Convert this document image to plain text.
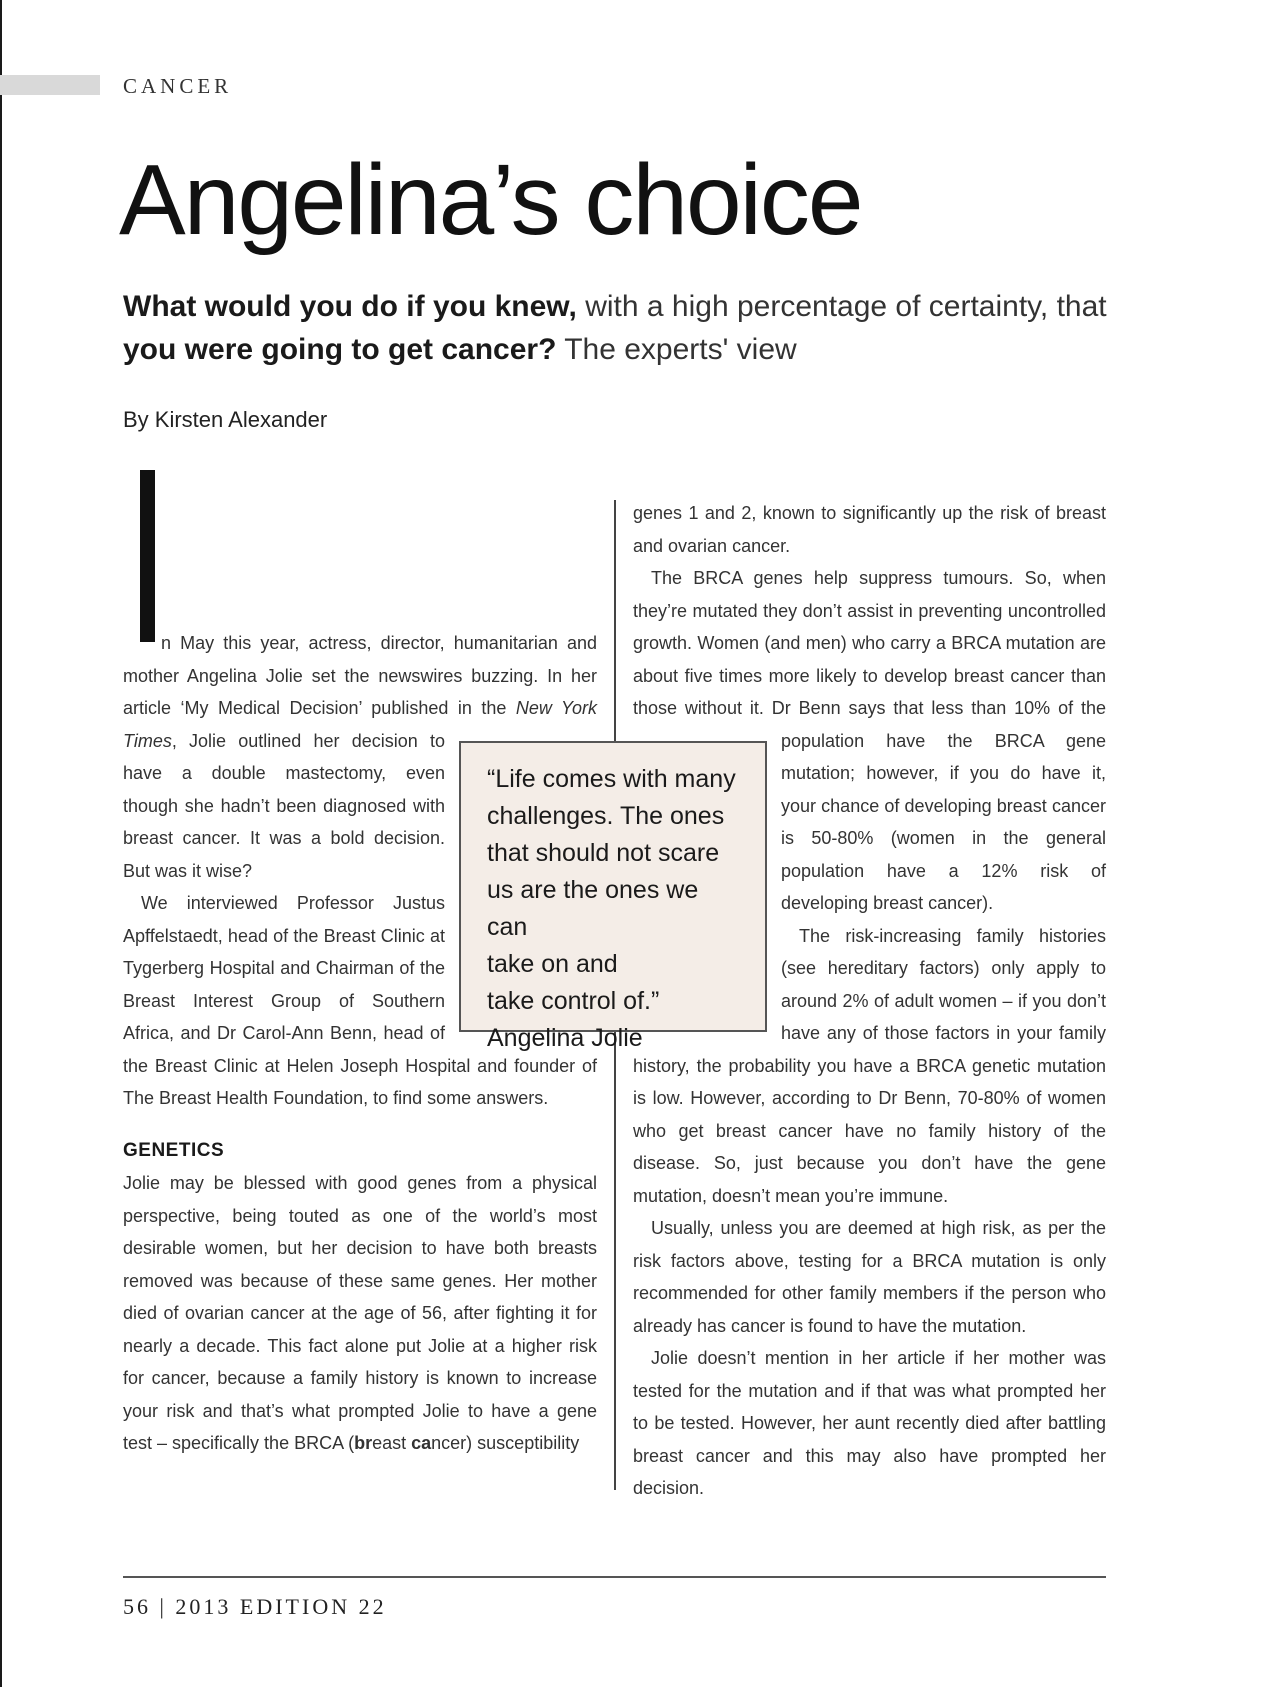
CANCER
Angelina’s choice

What would you do if you knew, with a high percentage of certainty, that you were going to get cancer? The experts' view

By Kirsten Alexander

n May this year, actress, director, humanitarian and mother Angelina Jolie set the newswires buzzing. In her article ‘My Medical Decision’ published in the
New York Times, Jolie outlined her decision to have a double mastectomy, even though she hadn’t been diagnosed with breast cancer. It was a bold decision. But was it wise?

We interviewed Professor Justus Apffelstaedt, head of the Breast Clinic at Tygerberg Hospital and Chairman of the Breast Interest Group of Southern Africa, and Dr Carol-Ann Benn, head of the Breast Clinic at Helen Joseph Hospital and founder of The Breast Health Foundation, to find some answers.

GENETICS

Jolie may be blessed with good genes from a physical perspective, being touted as one of the world’s most desirable women, but her decision to have both breasts removed was because of these same genes. Her mother died of ovarian cancer at the age of 56, after fighting it for nearly a decade. This fact alone put Jolie at a higher risk for cancer, because a family history is known to increase your risk and that’s what prompted Jolie to have a gene test – specifically the BRCA (breast cancer) susceptibility

genes 1 and 2, known to significantly up the risk of breast and ovarian cancer.

The BRCA genes help suppress tumours. So, when they’re mutated they don’t assist in preventing uncontrolled growth. Women (and men) who carry a BRCA mutation are about five times more likely to develop breast cancer than those without it. Dr Benn says that less than 10% of the population have the BRCA gene mutation; however, if you do have it, your chance of developing breast cancer is 50-80% (women in the general population have a 12% risk of developing breast cancer).

The risk-increasing family histories (see hereditary factors) only apply to around 2% of adult women – if you don’t have any of those factors in your family history, the probability you have a BRCA genetic mutation is low. However, according to Dr Benn, 70-80% of women who get breast cancer have no family history of the disease. So, just because you don’t have the gene mutation, doesn’t mean you’re immune.

Usually, unless you are deemed at high risk, as per the risk factors above, testing for a BRCA mutation is only recommended for other family members if the person who already has cancer is found to have the mutation.

Jolie doesn’t mention in her article if her mother was tested for the mutation and if that was what prompted her to be tested. However, her aunt recently died after battling breast cancer and this may also have prompted her decision.

“Life comes with many
challenges. The ones
that should not scare
us are the ones we can
take on and
take control of.”
Angelina Jolie
56 | 2013 EDITION 22
